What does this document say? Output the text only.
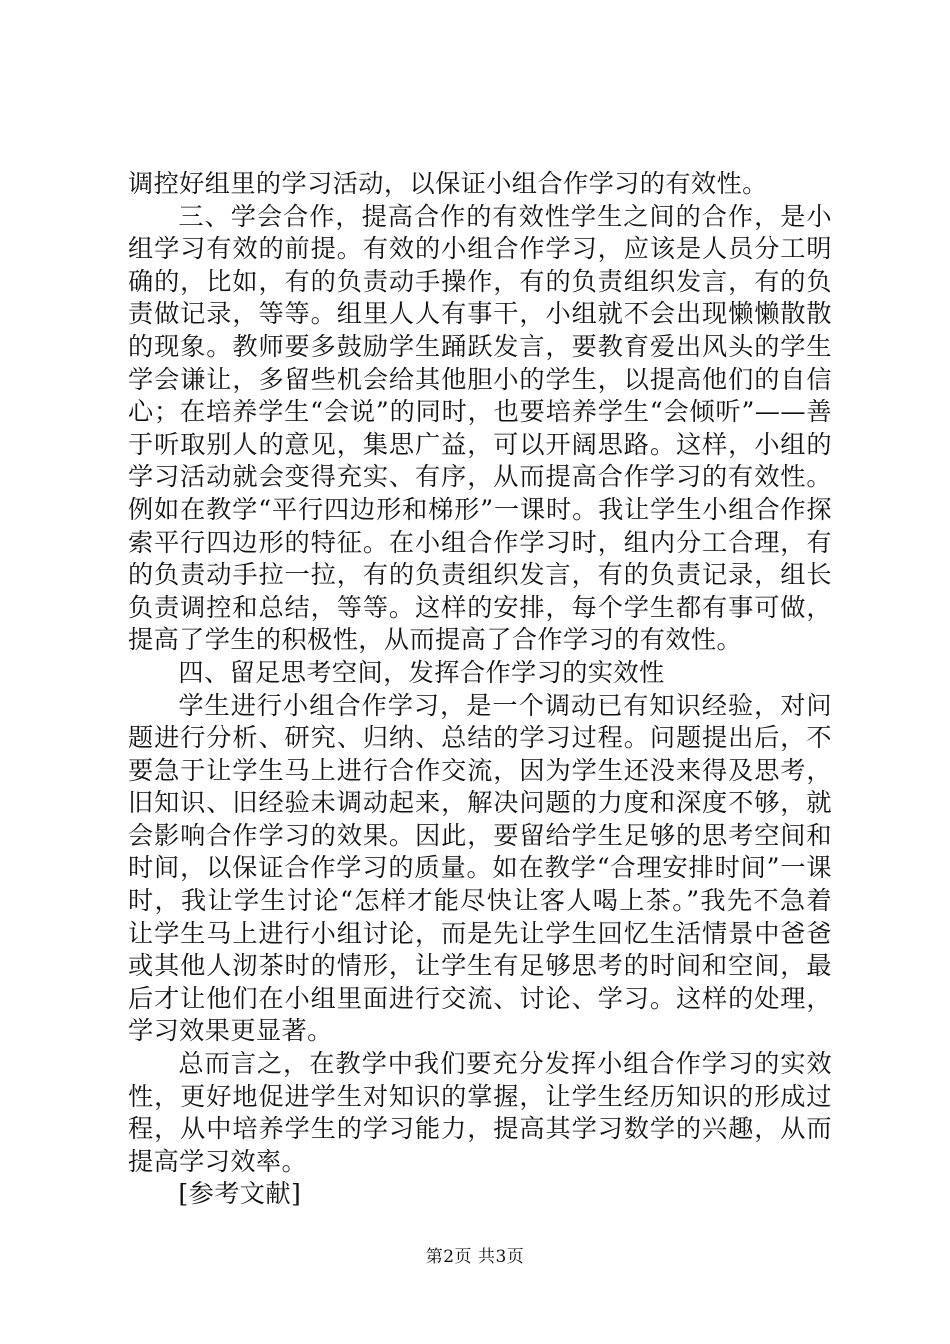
调控好组里的学习活动，以保证小组合作学习的有效性。

三、学会合作，提高合作的有效性学生之间的合作，是小组学习有效的前提。有效的小组合作学习，应该是人员分工明确的，比如，有的负责动手操作，有的负责组织发言，有的负责做记录，等等。组里人人有事干，小组就不会出现懒懒散散的现象。教师要多鼓励学生踊跃发言，要教育爱出风头的学生学会谦让，多留些机会给其他胆小的学生，以提高他们的自信心；在培养学生“会说”的同时，也要培养学生“会倾听”——善于听取别人的意见，集思广益，可以开阔思路。这样，小组的学习活动就会变得充实、有序，从而提高合作学习的有效性。例如在教学“平行四边形和梯形”一课时。我让学生小组合作探索平行四边形的特征。在小组合作学习时，组内分工合理，有的负责动手拉一拉，有的负责组织发言，有的负责记录，组长负责调控和总结，等等。这样的安排，每个学生都有事可做，提高了学生的积极性，从而提高了合作学习的有效性。

四、留足思考空间，发挥合作学习的实效性

学生进行小组合作学习，是一个调动已有知识经验，对问题进行分析、研究、归纳、总结的学习过程。问题提出后，不要急于让学生马上进行合作交流，因为学生还没来得及思考，旧知识、旧经验未调动起来，解决问题的力度和深度不够，就会影响合作学习的效果。因此，要留给学生足够的思考空间和时间，以保证合作学习的质量。如在教学“合理安排时间”一课时，我让学生讨论“怎样才能尽快让客人喝上茶。”我先不急着让学生马上进行小组讨论，而是先让学生回忆生活情景中爸爸或其他人沏茶时的情形，让学生有足够思考的时间和空间，最后才让他们在小组里面进行交流、讨论、学习。这样的处理，学习效果更显著。

总而言之，在教学中我们要充分发挥小组合作学习的实效性，更好地促进学生对知识的掌握，让学生经历知识的形成过程，从中培养学生的学习能力，提高其学习数学的兴趣，从而提高学习效率。

[参考文献]

第2页 共3页
